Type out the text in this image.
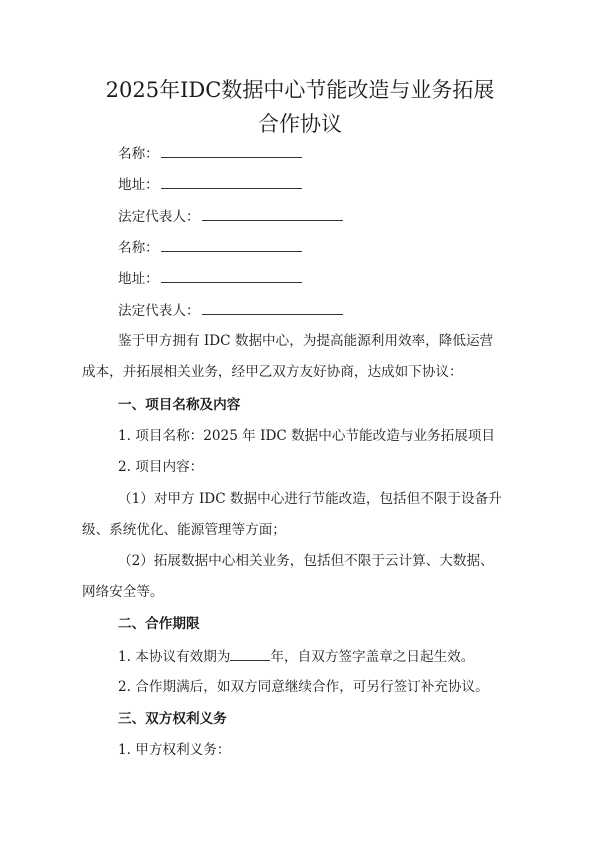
2025年IDC数据中心节能改造与业务拓展
合作协议
名称：
地址：
法定代表人：
名称：
地址：
法定代表人：
鉴于甲方拥有 IDC 数据中心，为提高能源利用效率，降低运营
成本，并拓展相关业务，经甲乙双方友好协商，达成如下协议：
一、项目名称及内容
1. 项目名称：2025 年 IDC 数据中心节能改造与业务拓展项目
2. 项目内容：
（1）对甲方 IDC 数据中心进行节能改造，包括但不限于设备升
级、系统优化、能源管理等方面；
（2）拓展数据中心相关业务，包括但不限于云计算、大数据、
网络安全等。
二、合作期限
1. 本协议有效期为	年，自双方签字盖章之日起生效。
2. 合作期满后，如双方同意继续合作，可另行签订补充协议。
三、双方权利义务
1. 甲方权利义务：
